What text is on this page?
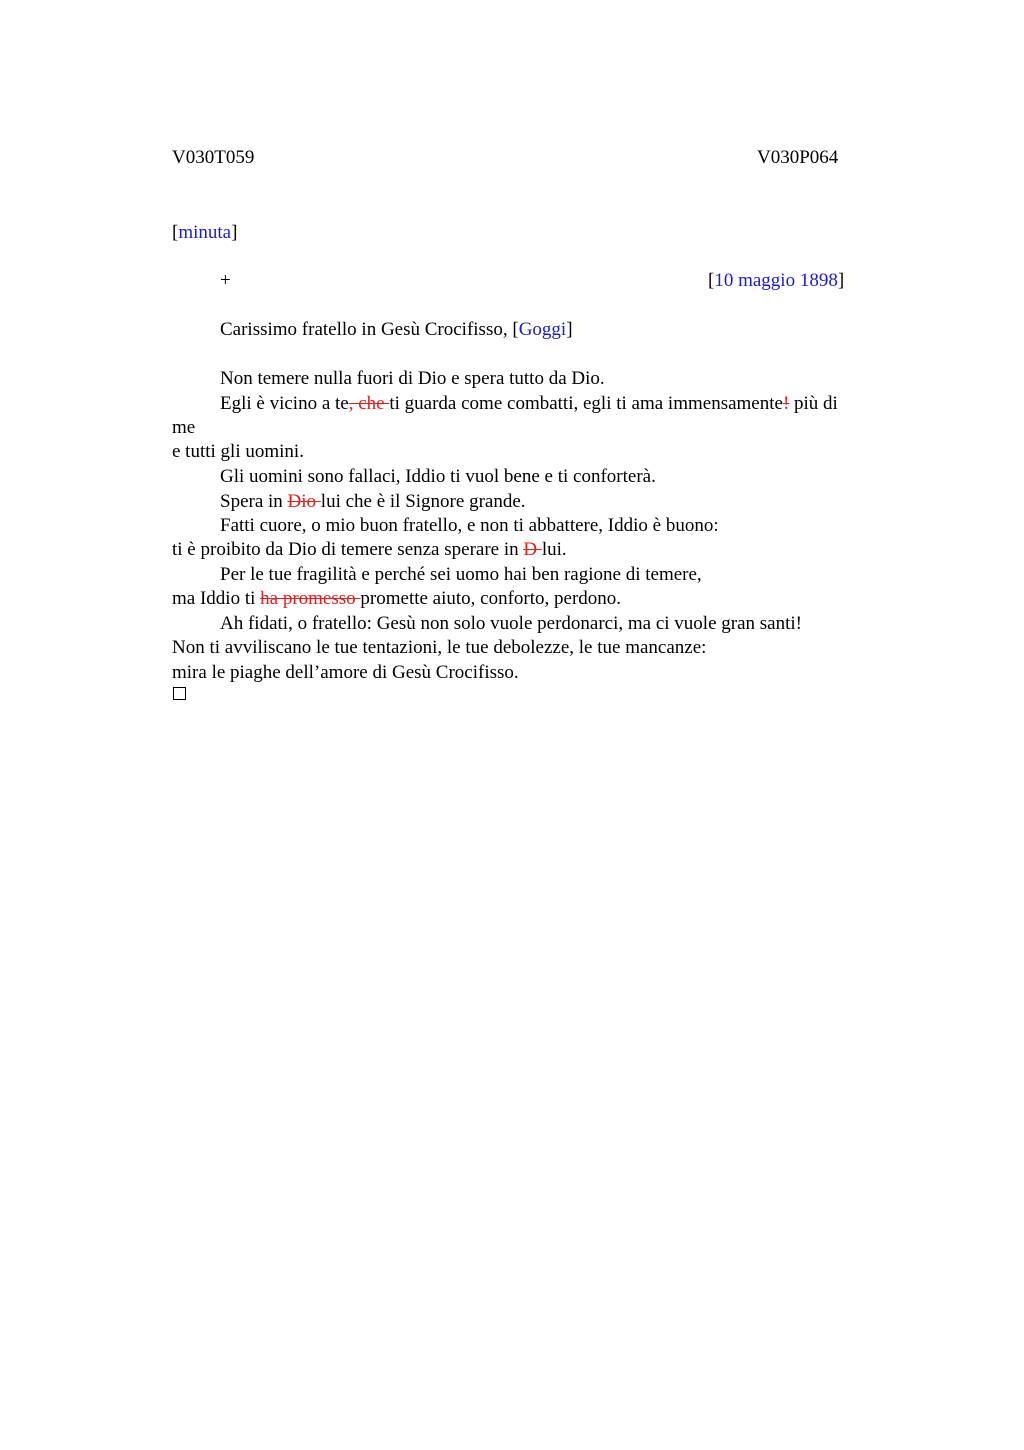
V030T059	V030P064
[minuta]
+	[10 maggio 1898]
Carissimo fratello in Gesù Crocifisso, [Goggi]
Non temere nulla fuori di Dio e spera tutto da Dio.
Egli è vicino a te, che ti guarda come combatti, egli ti ama immensamente! più di
me
e tutti gli uomini.
Gli uomini sono fallaci, Iddio ti vuol bene e ti conforterà.
Spera in Dio lui che è il Signore grande.
Fatti cuore, o mio buon fratello, e non ti abbattere, Iddio è buono:
ti è proibito da Dio di temere senza sperare in D lui.
Per le tue fragilità e perché sei uomo hai ben ragione di temere,
ma Iddio ti ha promesso promette aiuto, conforto, perdono.
Ah fidati, o fratello: Gesù non solo vuole perdonarci, ma ci vuole gran santi!
Non ti avviliscano le tue tentazioni, le tue debolezze, le tue mancanze:
mira le piaghe dell’amore di Gesù Crocifisso.
